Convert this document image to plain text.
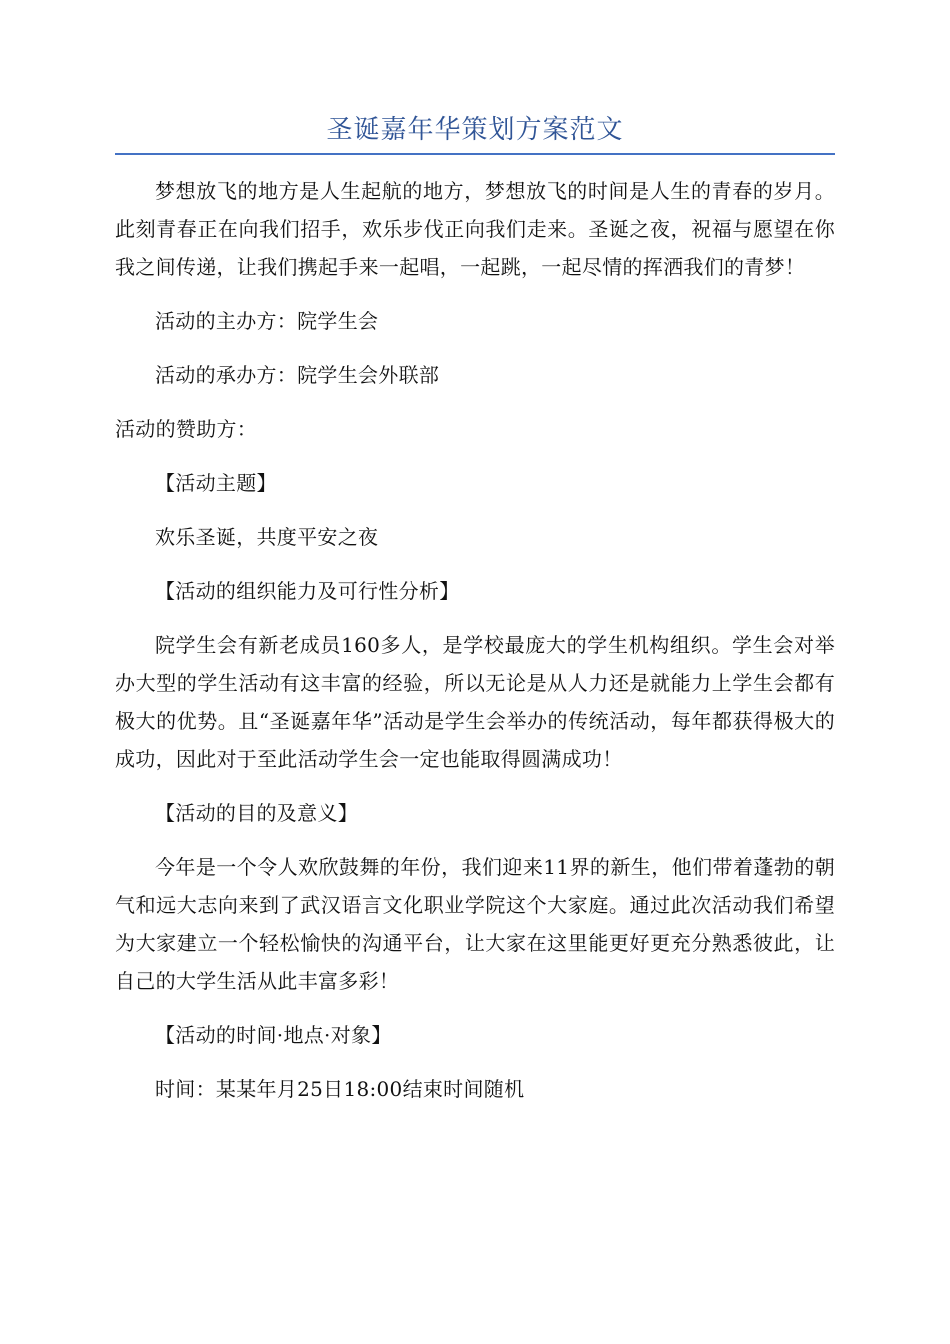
圣诞嘉年华策划方案范文

梦想放飞的地方是人生起航的地方，梦想放飞的时间是人生的青春的岁月。此刻青春正在向我们招手，欢乐步伐正向我们走来。圣诞之夜，祝福与愿望在你我之间传递，让我们携起手来一起唱，一起跳，一起尽情的挥洒我们的青梦！

活动的主办方：院学生会

活动的承办方：院学生会外联部

活动的赞助方：

【活动主题】

欢乐圣诞，共度平安之夜

【活动的组织能力及可行性分析】

院学生会有新老成员160多人，是学校最庞大的学生机构组织。学生会对举办大型的学生活动有这丰富的经验，所以无论是从人力还是就能力上学生会都有极大的优势。且“圣诞嘉年华”活动是学生会举办的传统活动，每年都获得极大的成功，因此对于至此活动学生会一定也能取得圆满成功！

【活动的目的及意义】

今年是一个令人欢欣鼓舞的年份，我们迎来11界的新生，他们带着蓬勃的朝气和远大志向来到了武汉语言文化职业学院这个大家庭。通过此次活动我们希望为大家建立一个轻松愉快的沟通平台，让大家在这里能更好更充分熟悉彼此，让自己的大学生活从此丰富多彩！

【活动的时间·地点·对象】

时间：某某年月25日18:00结束时间随机
